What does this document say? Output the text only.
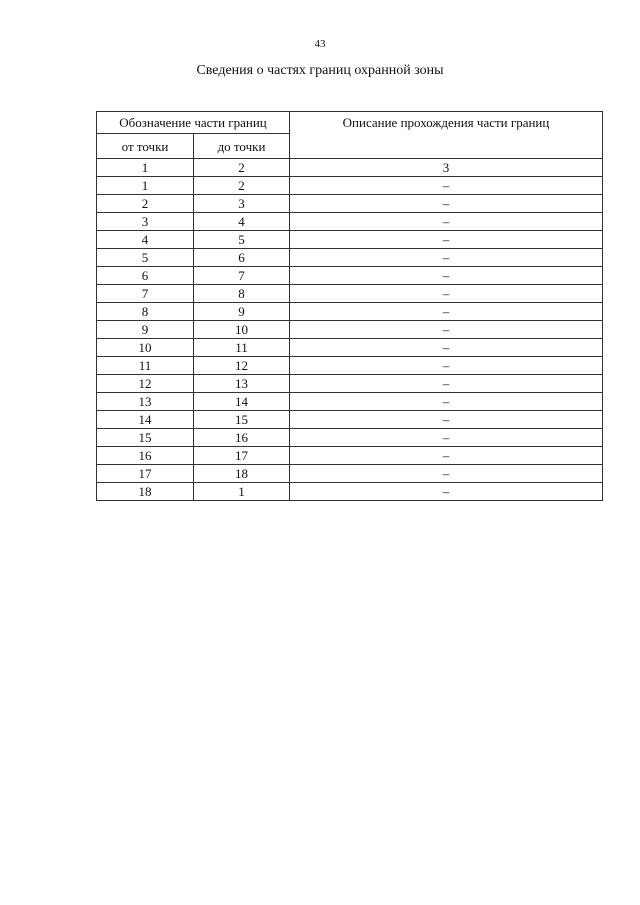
43
Сведения о частях границ охранной зоны
Обозначение части границ		Описание прохождения части границ
от точки	до точки	
1	2	3
1	2	–
2	3	–
3	4	–
4	5	–
5	6	–
6	7	–
7	8	–
8	9	–
9	10	–
10	11	–
11	12	–
12	13	–
13	14	–
14	15	–
15	16	–
16	17	–
17	18	–
18	1	–
